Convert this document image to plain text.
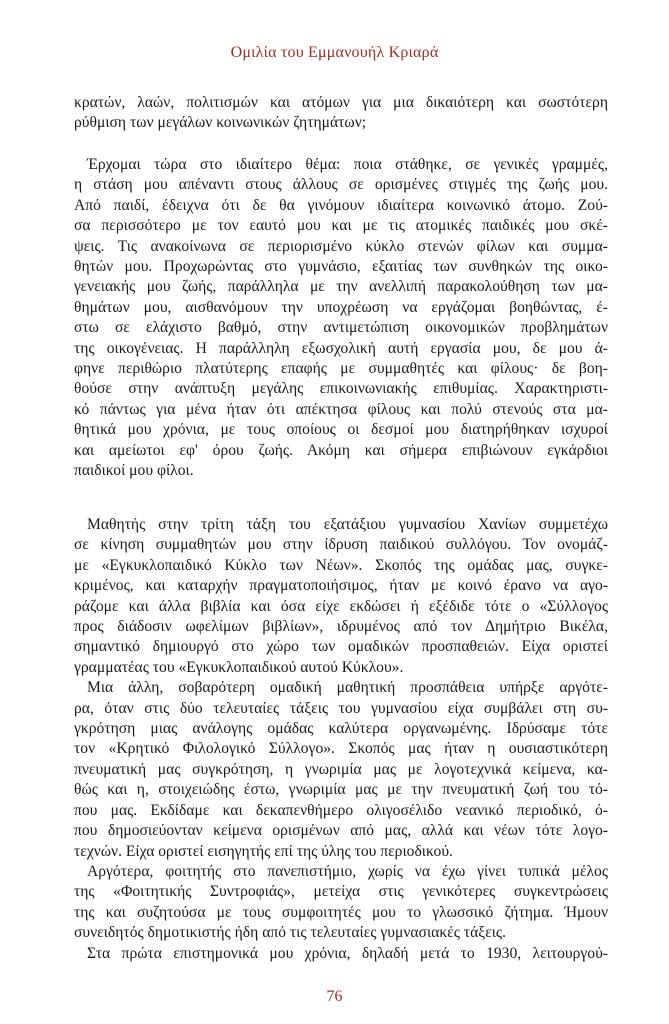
Ομιλία του Εμμανουήλ Κριαρά
κρατών, λαών, πολιτισμών και ατόμων για μια δικαιότερη και σωστότερη
ρύθμιση των μεγάλων κοινωνικών ζητημάτων;
Έρχομαι τώρα στο ιδιαίτερο θέμα: ποια στάθηκε, σε γενικές γραμμές,
η στάση μου απέναντι στους άλλους σε ορισμένες στιγμές της ζωής μου.
Από παιδί, έδειχνα ότι δε θα γινόμουν ιδιαίτερα κοινωνικό άτομο. Ζού-
σα περισσότερο με τον εαυτό μου και με τις ατομικές παιδικές μου σκέ-
ψεις. Τις ανακοίνωνα σε περιορισμένο κύκλο στενών φίλων και συμμα-
θητών μου. Προχωρώντας στο γυμνάσιο, εξαιτίας των συνθηκών της οικο-
γενειακής μου ζωής, παράλληλα με την ανελλιπή παρακολούθηση των μα-
θημάτων μου, αισθανόμουν την υποχρέωση να εργάζομαι βοηθώντας, έ-
στω σε ελάχιστο βαθμό, στην αντιμετώπιση οικονομικών προβλημάτων
της οικογένειας. Η παράλληλη εξωσχολική αυτή εργασία μου, δε μου ά-
φηνε περιθώριο πλατύτερης επαφής με συμμαθητές και φίλους· δε βοη-
θούσε στην ανάπτυξη μεγάλης επικοινωνιακής επιθυμίας. Χαρακτηριστι-
κό πάντως για μένα ήταν ότι απέκτησα φίλους και πολύ στενούς στα μα-
θητικά μου χρόνια, με τους οποίους οι δεσμοί μου διατηρήθηκαν ισχυροί
και αμείωτοι εφ' όρου ζωής. Ακόμη και σήμερα επιβιώνουν εγκάρδιοι
παιδικοί μου φίλοι.
Μαθητής στην τρίτη τάξη του εξατάξιου γυμνασίου Χανίων συμμετέχω
σε κίνηση συμμαθητών μου στην ίδρυση παιδικού συλλόγου. Τον ονομάζ-
με «Εγκυκλοπαιδικό Κύκλο των Νέων». Σκοπός της ομάδας μας, συγκε-
κριμένος, και καταρχήν πραγματοποιήσιμος, ήταν με κοινό έρανο να αγο-
ράζομε και άλλα βιβλία και όσα είχε εκδώσει ή εξέδιδε τότε ο «Σύλλογος
προς διάδοσιν ωφελίμων βιβλίων», ιδρυμένος από τον Δημήτριο Βικέλα,
σημαντικό δημιουργό στο χώρο των ομαδικών προσπαθειών. Είχα οριστεί
γραμματέας του «Εγκυκλοπαιδικού αυτού Κύκλου».
Μια άλλη, σοβαρότερη ομαδική μαθητική προσπάθεια υπήρξε αργότε-
ρα, όταν στις δύο τελευταίες τάξεις του γυμνασίου είχα συμβάλει στη συ-
γκρότηση μιας ανάλογης ομάδας καλύτερα οργανωμένης. Ιδρύσαμε τότε
τον «Κρητικό Φιλολογικό Σύλλογο». Σκοπός μας ήταν η ουσιαστικότερη
πνευματική μας συγκρότηση, η γνωριμία μας με λογοτεχνικά κείμενα, κα-
θώς και η, στοιχειώδης έστω, γνωριμία μας με την πνευματική ζωή του τό-
που μας. Εκδίδαμε και δεκαπενθήμερο ολιγοσέλιδο νεανικό περιοδικό, ό-
που δημοσιεύονταν κείμενα ορισμένων από μας, αλλά και νέων τότε λογο-
τεχνών. Είχα οριστεί εισηγητής επί της ύλης του περιοδικού.
Αργότερα, φοιτητής στο πανεπιστήμιο, χωρίς να έχω γίνει τυπικά μέλος
της «Φοιτητικής Συντροφιάς», μετείχα στις γενικότερες συγκεντρώσεις
της και συζητούσα με τους συμφοιτητές μου το γλωσσικό ζήτημα. Ήμουν
συνειδητός δημοτικιστής ήδη από τις τελευταίες γυμνασιακές τάξεις.
Στα πρώτα επιστημονικά μου χρόνια, δηλαδή μετά το 1930, λειτουργού-
76
